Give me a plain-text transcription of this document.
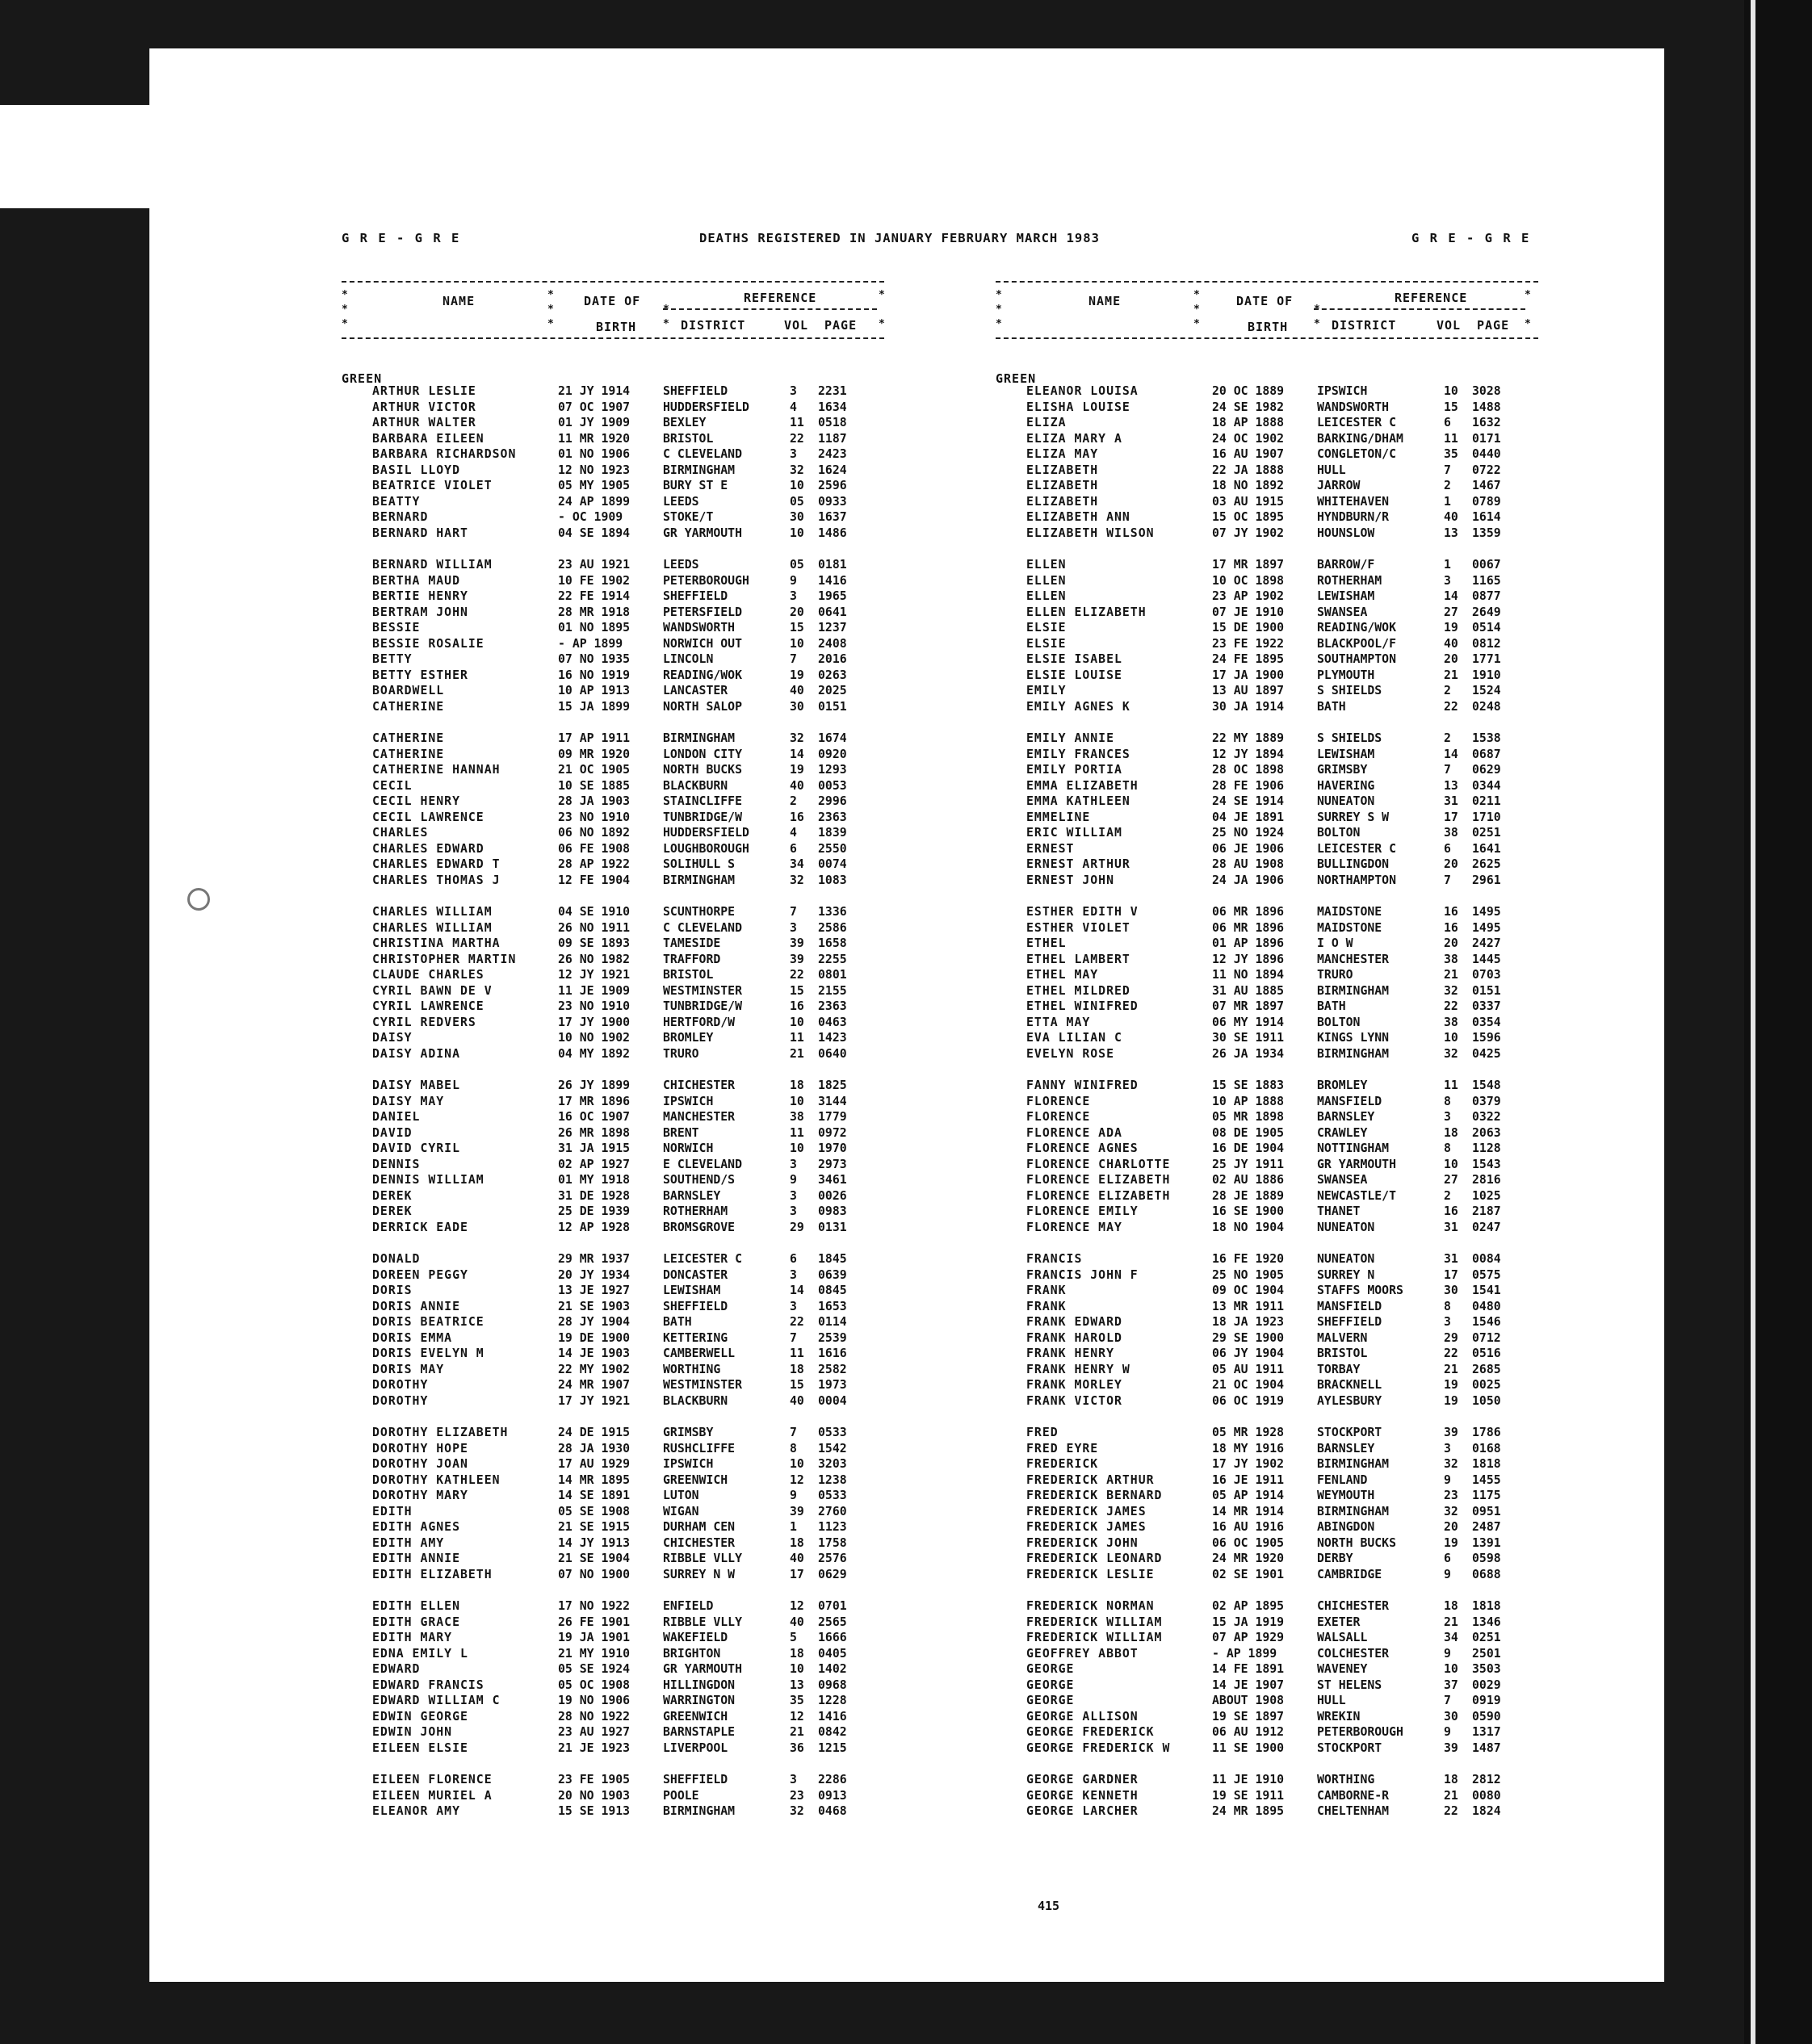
G R E - G R E	DEATHS REGISTERED IN JANUARY FEBRUARY MARCH 1983	G R E - G R E
NAME	DATE OF
BIRTH
REFERENCE
DISTRICT	VOL PAGE
*
*
*
*
*
*
*
*
*
*
GREEN
ARTHUR LESLIE	21 JY 1914	SHEFFIELD	3 2231
ARTHUR VICTOR	07 OC 1907	HUDDERSFIELD	4 1634
ARTHUR WALTER	01 JY 1909	BEXLEY	11 0518
BARBARA EILEEN	11 MR 1920	BRISTOL	22 1187
BARBARA RICHARDSON	01 NO 1906	C CLEVELAND	3 2423
BASIL LLOYD	12 NO 1923	BIRMINGHAM	32 1624
BEATRICE VIOLET	05 MY 1905	BURY ST E	10 2596
BEATTY	24 AP 1899	LEEDS	05 0933
BERNARD	- OC 1909	STOKE/T	30 1637
BERNARD HART	04 SE 1894	GR YARMOUTH	10 1486
BERNARD WILLIAM	23 AU 1921	LEEDS	05 0181
BERTHA MAUD	10 FE 1902	PETERBOROUGH	9 1416
BERTIE HENRY	22 FE 1914	SHEFFIELD	3 1965
BERTRAM JOHN	28 MR 1918	PETERSFIELD	20 0641
BESSIE	01 NO 1895	WANDSWORTH	15 1237
BESSIE ROSALIE	- AP 1899	NORWICH OUT	10 2408
BETTY	07 NO 1935	LINCOLN	7 2016
BETTY ESTHER	16 NO 1919	READING/WOK	19 0263
BOARDWELL	10 AP 1913	LANCASTER	40 2025
CATHERINE	15 JA 1899	NORTH SALOP	30 0151
CATHERINE	17 AP 1911	BIRMINGHAM	32 1674
CATHERINE	09 MR 1920	LONDON CITY	14 0920
CATHERINE HANNAH	21 OC 1905	NORTH BUCKS	19 1293
CECIL	10 SE 1885	BLACKBURN	40 0053
CECIL HENRY	28 JA 1903	STAINCLIFFE	2 2996
CECIL LAWRENCE	23 NO 1910	TUNBRIDGE/W	16 2363
CHARLES	06 NO 1892	HUDDERSFIELD	4 1839
CHARLES EDWARD	06 FE 1908	LOUGHBOROUGH	6 2550
CHARLES EDWARD T	28 AP 1922	SOLIHULL S	34 0074
CHARLES THOMAS J	12 FE 1904	BIRMINGHAM	32 1083
CHARLES WILLIAM	04 SE 1910	SCUNTHORPE	7 1336
CHARLES WILLIAM	26 NO 1911	C CLEVELAND	3 2586
CHRISTINA MARTHA	09 SE 1893	TAMESIDE	39 1658
CHRISTOPHER MARTIN	26 NO 1982	TRAFFORD	39 2255
CLAUDE CHARLES	12 JY 1921	BRISTOL	22 0801
CYRIL BAWN DE V	11 JE 1909	WESTMINSTER	15 2155
CYRIL LAWRENCE	23 NO 1910	TUNBRIDGE/W	16 2363
CYRIL REDVERS	17 JY 1900	HERTFORD/W	10 0463
DAISY	10 NO 1902	BROMLEY	11 1423
DAISY ADINA	04 MY 1892	TRURO	21 0640
DAISY MABEL	26 JY 1899	CHICHESTER	18 1825
DAISY MAY	17 MR 1896	IPSWICH	10 3144
DANIEL	16 OC 1907	MANCHESTER	38 1779
DAVID	26 MR 1898	BRENT	11 0972
DAVID CYRIL	31 JA 1915	NORWICH	10 1970
DENNIS	02 AP 1927	E CLEVELAND	3 2973
DENNIS WILLIAM	01 MY 1918	SOUTHEND/S	9 3461
DEREK	31 DE 1928	BARNSLEY	3 0026
DEREK	25 DE 1939	ROTHERHAM	3 0983
DERRICK EADE	12 AP 1928	BROMSGROVE	29 0131
DONALD	29 MR 1937	LEICESTER C	6 1845
DOREEN PEGGY	20 JY 1934	DONCASTER	3 0639
DORIS	13 JE 1927	LEWISHAM	14 0845
DORIS ANNIE	21 SE 1903	SHEFFIELD	3 1653
DORIS BEATRICE	28 JY 1904	BATH	22 0114
DORIS EMMA	19 DE 1900	KETTERING	7 2539
DORIS EVELYN M	14 JE 1903	CAMBERWELL	11 1616
DORIS MAY	22 MY 1902	WORTHING	18 2582
DOROTHY	24 MR 1907	WESTMINSTER	15 1973
DOROTHY	17 JY 1921	BLACKBURN	40 0004
DOROTHY ELIZABETH	24 DE 1915	GRIMSBY	7 0533
DOROTHY HOPE	28 JA 1930	RUSHCLIFFE	8 1542
DOROTHY JOAN	17 AU 1929	IPSWICH	10 3203
DOROTHY KATHLEEN	14 MR 1895	GREENWICH	12 1238
DOROTHY MARY	14 SE 1891	LUTON	9 0533
EDITH	05 SE 1908	WIGAN	39 2760
EDITH AGNES	21 SE 1915	DURHAM CEN	1 1123
EDITH AMY	14 JY 1913	CHICHESTER	18 1758
EDITH ANNIE	21 SE 1904	RIBBLE VLLY	40 2576
EDITH ELIZABETH	07 NO 1900	SURREY N W	17 0629
EDITH ELLEN	17 NO 1922	ENFIELD	12 0701
EDITH GRACE	26 FE 1901	RIBBLE VLLY	40 2565
EDITH MARY	19 JA 1901	WAKEFIELD	5 1666
EDNA EMILY L	21 MY 1910	BRIGHTON	18 0405
EDWARD	05 SE 1924	GR YARMOUTH	10 1402
EDWARD FRANCIS	05 OC 1908	HILLINGDON	13 0968
EDWARD WILLIAM C	19 NO 1906	WARRINGTON	35 1228
EDWIN GEORGE	28 NO 1922	GREENWICH	12 1416
EDWIN JOHN	23 AU 1927	BARNSTAPLE	21 0842
EILEEN ELSIE	21 JE 1923	LIVERPOOL	36 1215
EILEEN FLORENCE	23 FE 1905	SHEFFIELD	3 2286
EILEEN MURIEL A	20 NO 1903	POOLE	23 0913
ELEANOR AMY	15 SE 1913	BIRMINGHAM	32 0468
NAME	DATE OF
BIRTH
REFERENCE
DISTRICT	VOL PAGE
*
*
*
*
*
*
*
*
*
*
GREEN
ELEANOR LOUISA	20 OC 1889	IPSWICH	10 3028
ELISHA LOUISE	24 SE 1982	WANDSWORTH	15 1488
ELIZA	18 AP 1888	LEICESTER C	6 1632
ELIZA MARY A	24 OC 1902	BARKING/DHAM	11 0171
ELIZA MAY	16 AU 1907	CONGLETON/C	35 0440
ELIZABETH	22 JA 1888	HULL	7 0722
ELIZABETH	18 NO 1892	JARROW	2 1467
ELIZABETH	03 AU 1915	WHITEHAVEN	1 0789
ELIZABETH ANN	15 OC 1895	HYNDBURN/R	40 1614
ELIZABETH WILSON	07 JY 1902	HOUNSLOW	13 1359
ELLEN	17 MR 1897	BARROW/F	1 0067
ELLEN	10 OC 1898	ROTHERHAM	3 1165
ELLEN	23 AP 1902	LEWISHAM	14 0877
ELLEN ELIZABETH	07 JE 1910	SWANSEA	27 2649
ELSIE	15 DE 1900	READING/WOK	19 0514
ELSIE	23 FE 1922	BLACKPOOL/F	40 0812
ELSIE ISABEL	24 FE 1895	SOUTHAMPTON	20 1771
ELSIE LOUISE	17 JA 1900	PLYMOUTH	21 1910
EMILY	13 AU 1897	S SHIELDS	2 1524
EMILY AGNES K	30 JA 1914	BATH	22 0248
EMILY ANNIE	22 MY 1889	S SHIELDS	2 1538
EMILY FRANCES	12 JY 1894	LEWISHAM	14 0687
EMILY PORTIA	28 OC 1898	GRIMSBY	7 0629
EMMA ELIZABETH	28 FE 1906	HAVERING	13 0344
EMMA KATHLEEN	24 SE 1914	NUNEATON	31 0211
EMMELINE	04 JE 1891	SURREY S W	17 1710
ERIC WILLIAM	25 NO 1924	BOLTON	38 0251
ERNEST	06 JE 1906	LEICESTER C	6 1641
ERNEST ARTHUR	28 AU 1908	BULLINGDON	20 2625
ERNEST JOHN	24 JA 1906	NORTHAMPTON	7 2961
ESTHER EDITH V	06 MR 1896	MAIDSTONE	16 1495
ESTHER VIOLET	06 MR 1896	MAIDSTONE	16 1495
ETHEL	01 AP 1896	I O W	20 2427
ETHEL LAMBERT	12 JY 1896	MANCHESTER	38 1445
ETHEL MAY	11 NO 1894	TRURO	21 0703
ETHEL MILDRED	31 AU 1885	BIRMINGHAM	32 0151
ETHEL WINIFRED	07 MR 1897	BATH	22 0337
ETTA MAY	06 MY 1914	BOLTON	38 0354
EVA LILIAN C	30 SE 1911	KINGS LYNN	10 1596
EVELYN ROSE	26 JA 1934	BIRMINGHAM	32 0425
FANNY WINIFRED	15 SE 1883	BROMLEY	11 1548
FLORENCE	10 AP 1888	MANSFIELD	8 0379
FLORENCE	05 MR 1898	BARNSLEY	3 0322
FLORENCE ADA	08 DE 1905	CRAWLEY	18 2063
FLORENCE AGNES	16 DE 1904	NOTTINGHAM	8 1128
FLORENCE CHARLOTTE	25 JY 1911	GR YARMOUTH	10 1543
FLORENCE ELIZABETH	02 AU 1886	SWANSEA	27 2816
FLORENCE ELIZABETH	28 JE 1889	NEWCASTLE/T	2 1025
FLORENCE EMILY	16 SE 1900	THANET	16 2187
FLORENCE MAY	18 NO 1904	NUNEATON	31 0247
FRANCIS	16 FE 1920	NUNEATON	31 0084
FRANCIS JOHN F	25 NO 1905	SURREY N	17 0575
FRANK	09 OC 1904	STAFFS MOORS	30 1541
FRANK	13 MR 1911	MANSFIELD	8 0480
FRANK EDWARD	18 JA 1923	SHEFFIELD	3 1546
FRANK HAROLD	29 SE 1900	MALVERN	29 0712
FRANK HENRY	06 JY 1904	BRISTOL	22 0516
FRANK HENRY W	05 AU 1911	TORBAY	21 2685
FRANK MORLEY	21 OC 1904	BRACKNELL	19 0025
FRANK VICTOR	06 OC 1919	AYLESBURY	19 1050
FRED	05 MR 1928	STOCKPORT	39 1786
FRED EYRE	18 MY 1916	BARNSLEY	3 0168
FREDERICK	17 JY 1902	BIRMINGHAM	32 1818
FREDERICK ARTHUR	16 JE 1911	FENLAND	9 1455
FREDERICK BERNARD	05 AP 1914	WEYMOUTH	23 1175
FREDERICK JAMES	14 MR 1914	BIRMINGHAM	32 0951
FREDERICK JAMES	16 AU 1916	ABINGDON	20 2487
FREDERICK JOHN	06 OC 1905	NORTH BUCKS	19 1391
FREDERICK LEONARD	24 MR 1920	DERBY	6 0598
FREDERICK LESLIE	02 SE 1901	CAMBRIDGE	9 0688
FREDERICK NORMAN	02 AP 1895	CHICHESTER	18 1818
FREDERICK WILLIAM	15 JA 1919	EXETER	21 1346
FREDERICK WILLIAM	07 AP 1929	WALSALL	34 0251
GEOFFREY ABBOT	- AP 1899	COLCHESTER	9 2501
GEORGE	14 FE 1891	WAVENEY	10 3503
GEORGE	14 JE 1907	ST HELENS	37 0029
GEORGE	ABOUT 1908	HULL	7 0919
GEORGE ALLISON	19 SE 1897	WREKIN	30 0590
GEORGE FREDERICK	06 AU 1912	PETERBOROUGH	9 1317
GEORGE FREDERICK W	11 SE 1900	STOCKPORT	39 1487
GEORGE GARDNER	11 JE 1910	WORTHING	18 2812
GEORGE KENNETH	19 SE 1911	CAMBORNE-R	21 0080
GEORGE LARCHER	24 MR 1895	CHELTENHAM	22 1824
415
